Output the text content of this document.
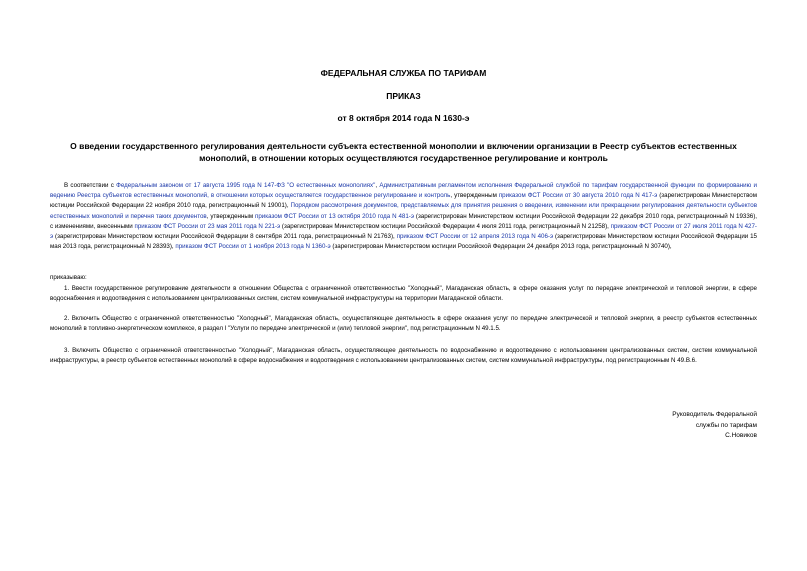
ФЕДЕРАЛЬНАЯ СЛУЖБА ПО ТАРИФАМ
ПРИКАЗ
от 8 октября 2014 года N 1630-э
О введении государственного регулирования деятельности субъекта естественной монополии и включении организации в Реестр субъектов естественных монополий, в отношении которых осуществляются государственное регулирование и контроль
В соответствии с Федеральным законом от 17 августа 1995 года N 147-ФЗ "О естественных монополиях", Административным регламентом исполнения Федеральной службой по тарифам государственной функции по формированию и ведению Реестра субъектов естественных монополий, в отношении которых осуществляется государственное регулирование и контроль, утвержденным приказом ФСТ России от 30 августа 2010 года N 417-э (зарегистрирован Министерством юстиции Российской Федерации 22 ноября 2010 года, регистрационный N 19001), Порядком рассмотрения документов, представляемых для принятия решения о введении, изменении или прекращении регулирования деятельности субъектов естественных монополий и перечня таких документов, утвержденным приказом ФСТ России от 13 октября 2010 года N 481-э (зарегистрирован Министерством юстиции Российской Федерации 22 декабря 2010 года, регистрационный N 19336), с изменениями, внесенными приказом ФСТ России от 23 мая 2011 года N 221-э (зарегистрирован Министерством юстиции Российской Федерации 4 июля 2011 года, регистрационный N 21258), приказом ФСТ России от 27 июля 2011 года N 427-э (зарегистрирован Министерством юстиции Российской Федерации 8 сентября 2011 года, регистрационный N 21763), приказом ФСТ России от 12 апреля 2013 года N 406-э (зарегистрирован Министерством юстиции Российской Федерации 15 мая 2013 года, регистрационный N 28393), приказом ФСТ России от 1 ноября 2013 года N 1360-э (зарегистрирован Министерством юстиции Российской Федерации 24 декабря 2013 года, регистрационный N 30740),
приказываю:
1. Ввести государственное регулирование деятельности в отношении Общества с ограниченной ответственностью "Холодный", Магаданская область, в сфере оказания услуг по передаче электрической и тепловой энергии, в сфере водоснабжения и водоотведения с использованием централизованных систем, систем коммунальной инфраструктуры на территории Магаданской области.
2. Включить Общество с ограниченной ответственностью "Холодный", Магаданская область, осуществляющее деятельность в сфере оказания услуг по передаче электрической и тепловой энергии, в реестр субъектов естественных монополий в топливно-энергетическом комплексе, в раздел I "Услуги по передаче электрической и (или) тепловой энергии", под регистрационным N 49.1.5.
3. Включить Общество с ограниченной ответственностью "Холодный", Магаданская область, осуществляющее деятельность по водоснабжению и водоотведению с использованием централизованных систем, систем коммунальной инфраструктуры, в реестр субъектов естественных монополий в сфере водоснабжения и водоотведения с использованием централизованных систем, систем коммунальной инфраструктуры, под регистрационным N 49.В.6.
Руководитель Федеральной
службы по тарифам
С.Новиков
